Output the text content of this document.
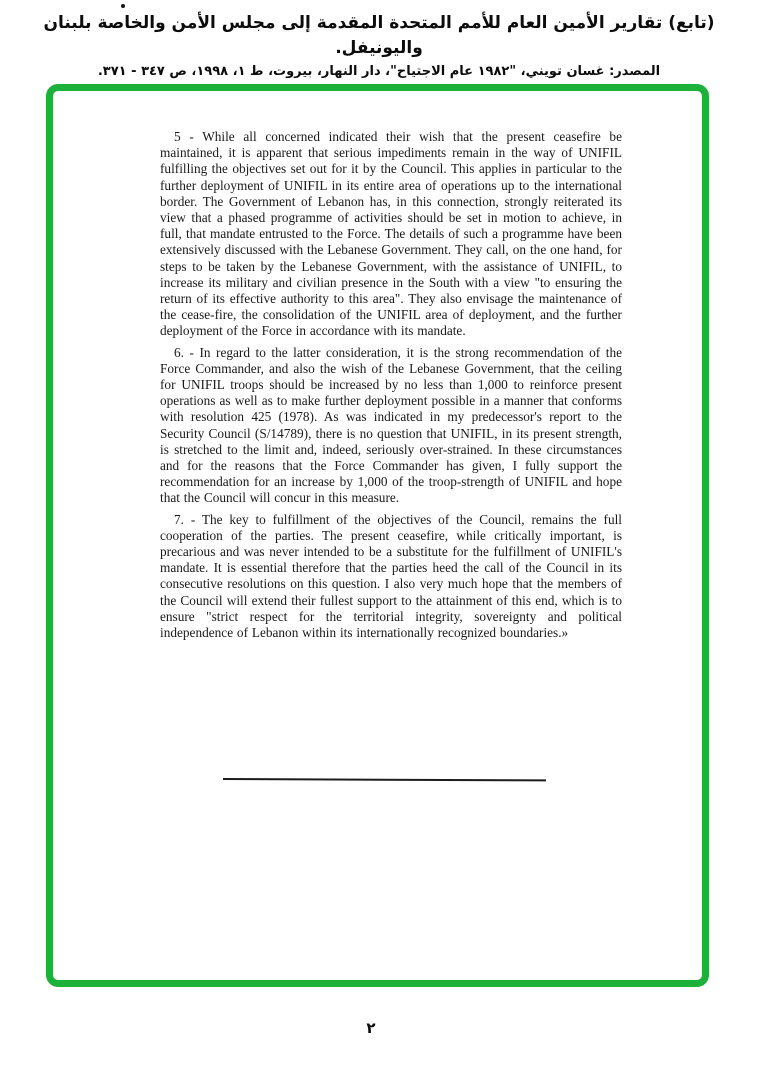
(تابع) تقارير الأمين العام للأمم المتحدة المقدمة إلى مجلس الأمن والخاصة بلبنان واليونيفل.
المصدر: غسان تويني، "١٩٨٢ عام الاجتياح"، دار النهار، بيروت، ط ١، ١٩٩٨، ص ٣٤٧ - ٣٧١.

5 - While all concerned indicated their wish that the present ceasefire be maintained, it is apparent that serious impediments remain in the way of UNIFIL fulfilling the objectives set out for it by the Council. This applies in particular to the further deployment of UNIFIL in its entire area of operations up to the international border. The Government of Lebanon has, in this connection, strongly reiterated its view that a phased programme of activities should be set in motion to achieve, in full, that mandate entrusted to the Force. The details of such a programme have been extensively discussed with the Lebanese Government. They call, on the one hand, for steps to be taken by the Lebanese Government, with the assistance of UNIFIL, to increase its military and civilian presence in the South with a view "to ensuring the return of its effective authority to this area". They also envisage the maintenance of the cease-fire, the consolidation of the UNIFIL area of deployment, and the further deployment of the Force in accordance with its mandate.

6. - In regard to the latter consideration, it is the strong recommendation of the Force Commander, and also the wish of the Lebanese Government, that the ceiling for UNIFIL troops should be increased by no less than 1,000 to reinforce present operations as well as to make further deployment possible in a manner that conforms with resolution 425 (1978). As was indicated in my predecessor's report to the Security Council (S/14789), there is no question that UNIFIL, in its present strength, is stretched to the limit and, indeed, seriously over-strained. In these circumstances and for the reasons that the Force Commander has given, I fully support the recommendation for an increase by 1,000 of the troop-strength of UNIFIL and hope that the Council will concur in this measure.

7. - The key to fulfillment of the objectives of the Council, remains the full cooperation of the parties. The present ceasefire, while critically important, is precarious and was never intended to be a substitute for the fulfillment of UNIFIL's mandate. It is essential therefore that the parties heed the call of the Council in its consecutive resolutions on this question. I also very much hope that the members of the Council will extend their fullest support to the attainment of this end, which is to ensure "strict respect for the territorial integrity, sovereignty and political independence of Lebanon within its internationally recognized boundaries.»

٢
